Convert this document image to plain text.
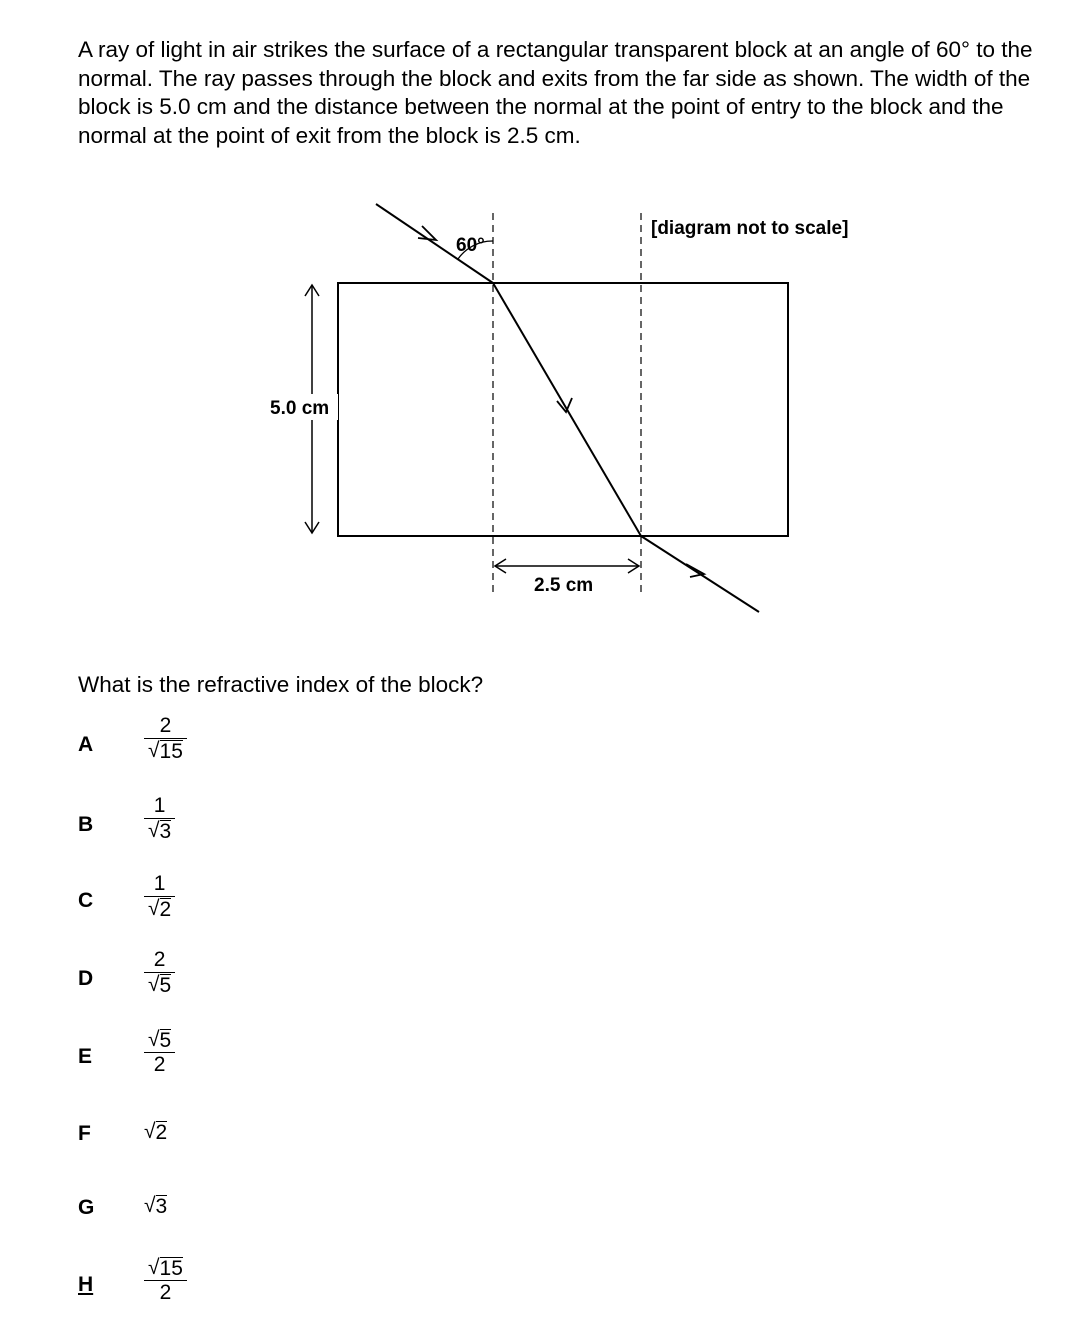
A ray of light in air strikes the surface of a rectangular transparent block at an angle of 60° to the normal. The ray passes through the block and exits from the far side as shown. The width of the block is 5.0 cm and the distance between the normal at the point of entry to the block and the normal at the point of exit from the block is 2.5 cm.

60°
[diagram not to scale]
5.0 cm
2.5 cm

What is the refractive index of the block?

A
2
√ 15
B
1
√ 3
C
1
√ 2
D
2
√ 5
E
√ 5
2
F	√ 2
G √ 3
H
√ 15
2
